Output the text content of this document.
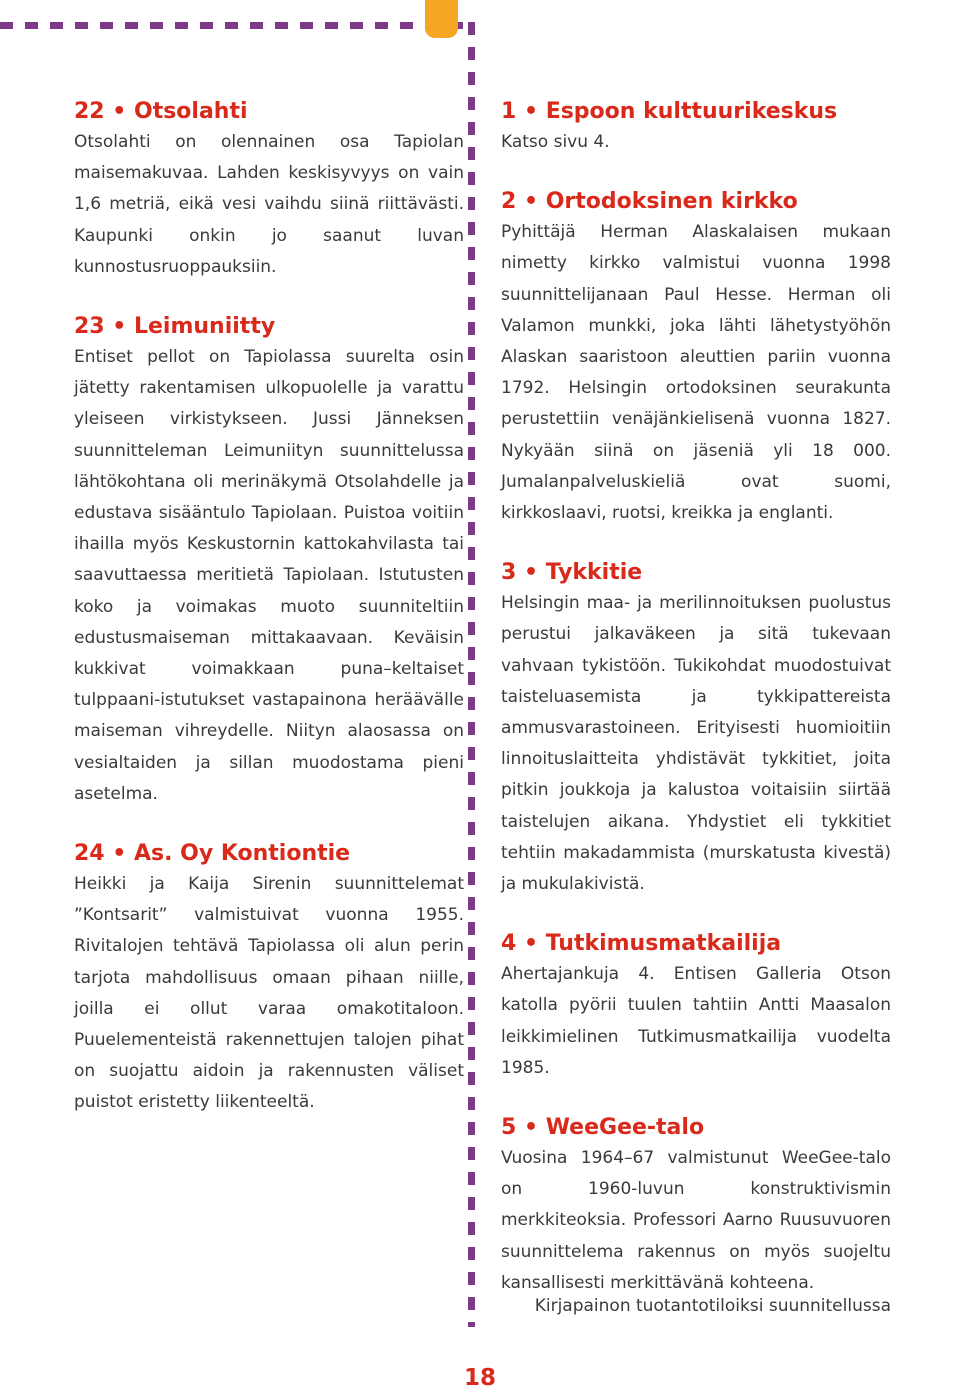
22 • Otsolahti

Otsolahti on olennainen osa Tapiolan maisemakuvaa. Lahden keskisyvyys on vain 1,6 metriä, eikä vesi vaihdu siinä riittävästi. Kaupunki onkin jo saanut luvan kunnostusruoppauksiin.

23 • Leimuniitty

Entiset pellot on Tapiolassa suurelta osin jätetty rakentamisen ulkopuolelle ja varattu yleiseen virkistykseen. Jussi Jänneksen suunnitteleman Leimuniityn suunnittelussa lähtökohtana oli merinäkymä Otsolahdelle ja edustava sisääntulo Tapiolaan. Puistoa voitiin ihailla myös Keskustornin kattokahvilasta tai saavuttaessa meritietä Tapiolaan. Istutusten koko ja voimakas muoto suunniteltiin edustusmaiseman mittakaavaan. Keväisin kukkivat voimakkaan puna–keltaiset tulppaani-istutukset vastapainona heräävälle maiseman vihreydelle. Niityn alaosassa on vesialtaiden ja sillan muodostama pieni asetelma.

24 • As. Oy Kontiontie

Heikki ja Kaija Sirenin suunnittelemat ”Kontsarit” valmistuivat vuonna 1955. Rivitalojen tehtävä Tapiolassa oli alun perin tarjota mahdollisuus omaan pihaan niille, joilla ei ollut varaa omakotitaloon. Puuelementeistä rakennettujen talojen pihat on suojattu aidoin ja rakennusten väliset puistot eristetty liikenteeltä.

1 • Espoon kulttuurikeskus

Katso sivu 4.

2 • Ortodoksinen kirkko

Pyhittäjä Herman Alaskalaisen mukaan nimetty kirkko valmistui vuonna 1998 suunnittelijanaan Paul Hesse. Herman oli Valamon munkki, joka lähti lähetystyöhön Alaskan saaristoon aleuttien pariin vuonna 1792. Helsingin ortodoksinen seurakunta perustettiin venäjänkielisenä vuonna 1827. Nykyään siinä on jäseniä yli 18 000. Jumalanpalveluskieliä ovat suomi, kirkkoslaavi, ruotsi, kreikka ja englanti.

3 • Tykkitie

Helsingin maa- ja merilinnoituksen puolustus perustui jalkaväkeen ja sitä tukevaan vahvaan tykistöön. Tukikohdat muodostuivat taisteluasemista ja tykkipattereista ammusvarastoineen. Erityisesti huomioitiin linnoituslaitteita yhdistävät tykkitiet, joita pitkin joukkoja ja kalustoa voitaisiin siirtää taistelujen aikana. Yhdystiet eli tykkitiet tehtiin makadammista (murskatusta kivestä) ja mukulakivistä.

4 • Tutkimusmatkailija

Ahertajankuja 4. Entisen Galleria Otson katolla pyörii tuulen tahtiin Antti Maasalon leikkimielinen Tutkimusmatkailija vuodelta 1985.

5 • WeeGee-talo

Vuosina 1964–67 valmistunut WeeGee-talo on 1960-luvun konstruktivismin merkkiteoksia. Professori Aarno Ruusuvuoren suunnittelema rakennus on myös suojeltu kansallisesti merkittävänä kohteena.

Kirjapainon tuotantotiloiksi suunnitellussa

18
